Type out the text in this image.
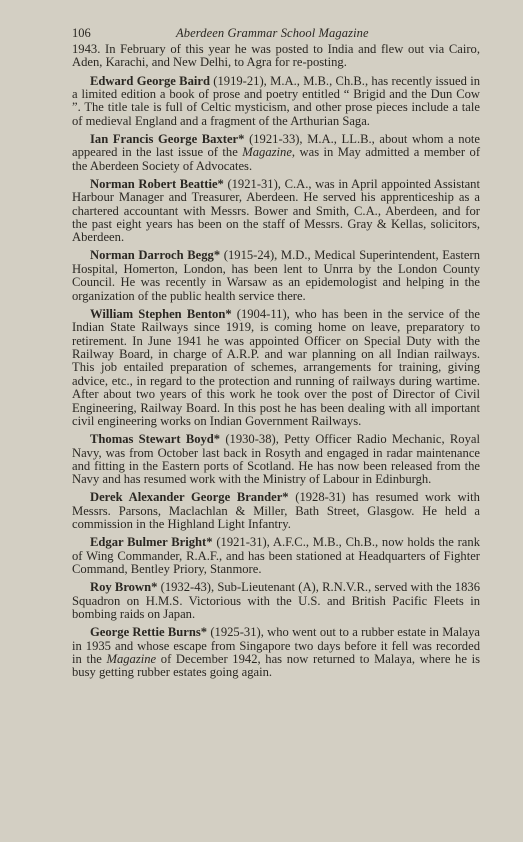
106	Aberdeen Grammar School Magazine

1943. In February of this year he was posted to India and flew out via Cairo, Aden, Karachi, and New Delhi, to Agra for re-posting.

Edward George Baird (1919-21), M.A., M.B., Ch.B., has recently issued in a limited edition a book of prose and poetry entitled “ Brigid and the Dun Cow ”. The title tale is full of Celtic mysticism, and other prose pieces include a tale of medieval England and a fragment of the Arthurian Saga.

Ian Francis George Baxter* (1921-33), M.A., LL.B., about whom a note appeared in the last issue of the Magazine, was in May admitted a member of the Aberdeen Society of Advocates.

Norman Robert Beattie* (1921-31), C.A., was in April appointed Assistant Harbour Manager and Treasurer, Aberdeen. He served his apprenticeship as a chartered accountant with Messrs. Bower and Smith, C.A., Aberdeen, and for the past eight years has been on the staff of Messrs. Gray & Kellas, solicitors, Aberdeen.

Norman Darroch Begg* (1915-24), M.D., Medical Superintendent, Eastern Hospital, Homerton, London, has been lent to Unrra by the London County Council. He was recently in Warsaw as an epidemologist and helping in the organization of the public health service there.

William Stephen Benton* (1904-11), who has been in the service of the Indian State Railways since 1919, is coming home on leave, preparatory to retirement. In June 1941 he was appointed Officer on Special Duty with the Railway Board, in charge of A.R.P. and war planning on all Indian railways. This job entailed preparation of schemes, arrangements for training, giving advice, etc., in regard to the protection and running of railways during wartime. After about two years of this work he took over the post of Director of Civil Engineering, Railway Board. In this post he has been dealing with all important civil engineering works on Indian Government Railways.

Thomas Stewart Boyd* (1930-38), Petty Officer Radio Mechanic, Royal Navy, was from October last back in Rosyth and engaged in radar maintenance and fitting in the Eastern ports of Scotland. He has now been released from the Navy and has resumed work with the Ministry of Labour in Edinburgh.

Derek Alexander George Brander* (1928-31) has resumed work with Messrs. Parsons, Maclachlan & Miller, Bath Street, Glasgow. He held a commission in the Highland Light Infantry.

Edgar Bulmer Bright* (1921-31), A.F.C., M.B., Ch.B., now holds the rank of Wing Commander, R.A.F., and has been stationed at Headquarters of Fighter Command, Bentley Priory, Stanmore.

Roy Brown* (1932-43), Sub-Lieutenant (A), R.N.V.R., served with the 1836 Squadron on H.M.S. Victorious with the U.S. and British Pacific Fleets in bombing raids on Japan.

George Rettie Burns* (1925-31), who went out to a rubber estate in Malaya in 1935 and whose escape from Singapore two days before it fell was recorded in the Magazine of December 1942, has now returned to Malaya, where he is busy getting rubber estates going again.
